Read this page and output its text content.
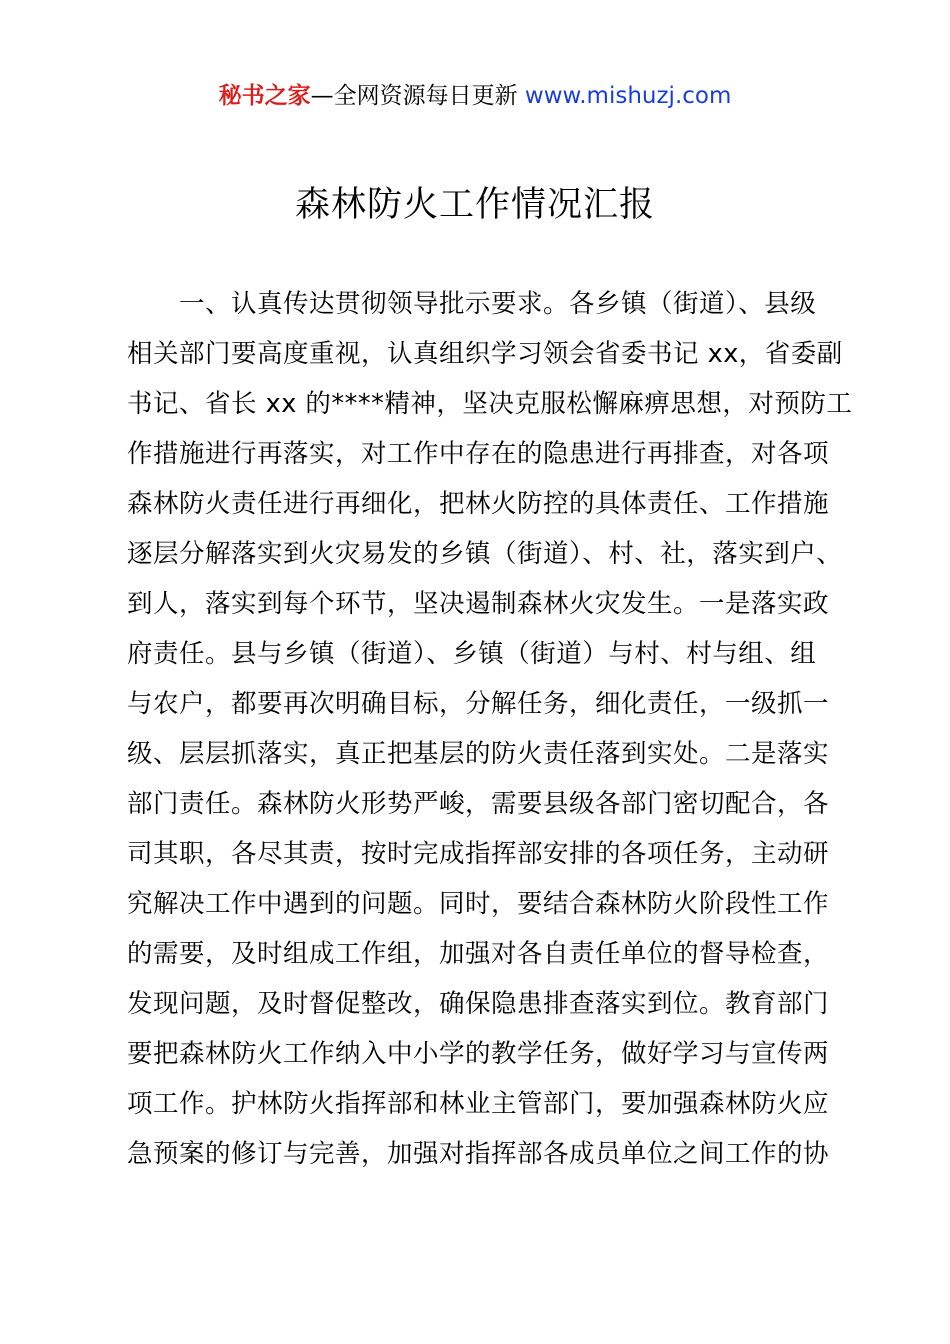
秘书之家—全网资源每日更新 www.mishuzj.com
森林防火工作情况汇报
　　一、认真传达贯彻领导批示要求。各乡镇（街道）、县级
相关部门要高度重视，认真组织学习领会省委书记 xx，省委副
书记、省长 xx 的****精神，坚决克服松懈麻痹思想，对预防工
作措施进行再落实，对工作中存在的隐患进行再排查，对各项
森林防火责任进行再细化，把林火防控的具体责任、工作措施
逐层分解落实到火灾易发的乡镇（街道）、村、社，落实到户、
到人，落实到每个环节，坚决遏制森林火灾发生。一是落实政
府责任。县与乡镇（街道）、乡镇（街道）与村、村与组、组
与农户，都要再次明确目标，分解任务，细化责任，一级抓一
级、层层抓落实，真正把基层的防火责任落到实处。二是落实
部门责任。森林防火形势严峻，需要县级各部门密切配合，各
司其职，各尽其责，按时完成指挥部安排的各项任务，主动研
究解决工作中遇到的问题。同时，要结合森林防火阶段性工作
的需要，及时组成工作组，加强对各自责任单位的督导检查，
发现问题，及时督促整改，确保隐患排查落实到位。教育部门
要把森林防火工作纳入中小学的教学任务，做好学习与宣传两
项工作。护林防火指挥部和林业主管部门，要加强森林防火应
急预案的修订与完善，加强对指挥部各成员单位之间工作的协
